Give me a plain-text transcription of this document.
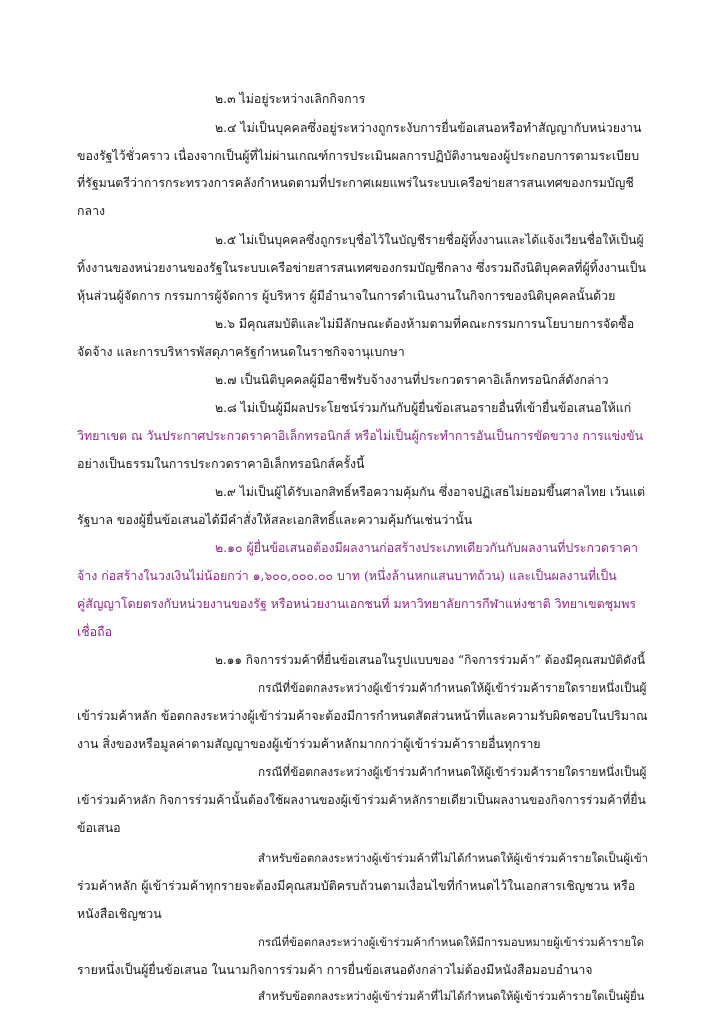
๒.๓ ไม่อยู่ระหว่างเลิกกิจการ
๒.๔ ไม่เป็นบุคคลซึ่งอยู่ระหว่างถูกระงับการยื่นข้อเสนอหรือทำสัญญากับหน่วยงาน
ของรัฐไว้ชั่วคราว เนื่องจากเป็นผู้ที่ไม่ผ่านเกณฑ์การประเมินผลการปฏิบัติงานของผู้ประกอบการตามระเบียบ
ที่รัฐมนตรีว่าการกระทรวงการคลังกำหนดตามที่ประกาศเผยแพร่ในระบบเครือข่ายสารสนเทศของกรมบัญชี
กลาง
๒.๕ ไม่เป็นบุคคลซึ่งถูกระบุชื่อไว้ในบัญชีรายชื่อผู้ทิ้งงานและได้แจ้งเวียนชื่อให้เป็นผู้
ทิ้งงานของหน่วยงานของรัฐในระบบเครือข่ายสารสนเทศของกรมบัญชีกลาง ซึ่งรวมถึงนิติบุคคลที่ผู้ทิ้งงานเป็น
หุ้นส่วนผู้จัดการ กรรมการผู้จัดการ ผู้บริหาร ผู้มีอำนาจในการดำเนินงานในกิจการของนิติบุคคลนั้นด้วย
๒.๖ มีคุณสมบัติและไม่มีลักษณะต้องห้ามตามที่คณะกรรมการนโยบายการจัดซื้อ
จัดจ้าง และการบริหารพัสดุภาครัฐกำหนดในราชกิจจานุเบกษา
๒.๗ เป็นนิติบุคคลผู้มีอาชีพรับจ้างงานที่ประกวดราคาอิเล็กทรอนิกส์ดังกล่าว
๒.๘ ไม่เป็นผู้มีผลประโยชน์ร่วมกันกับผู้ยื่นข้อเสนอรายอื่นที่เข้ายื่นข้อเสนอให้แก่
วิทยาเขต ณ วันประกาศประกวดราคาอิเล็กทรอนิกส์ หรือไม่เป็นผู้กระทำการอันเป็นการขัดขวาง การแข่งขัน
อย่างเป็นธรรมในการประกวดราคาอิเล็กทรอนิกส์ครั้งนี้
๒.๙ ไม่เป็นผู้ได้รับเอกสิทธิ์หรือความคุ้มกัน ซึ่งอาจปฏิเสธไม่ยอมขึ้นศาลไทย เว้นแต่
รัฐบาล ของผู้ยื่นข้อเสนอได้มีคำสั่งให้สละเอกสิทธิ์และความคุ้มกันเช่นว่านั้น
๒.๑๐ ผู้ยื่นข้อเสนอต้องมีผลงานก่อสร้างประเภทเดียวกันกับผลงานที่ประกวดราคา
จ้าง ก่อสร้างในวงเงินไม่น้อยกว่า ๑,๖๐๐,๐๐๐.๐๐ บาท (หนึ่งล้านหกแสนบาทถ้วน) และเป็นผลงานที่เป็น
คู่สัญญาโดยตรงกับหน่วยงานของรัฐ หรือหน่วยงานเอกชนที่ มหาวิทยาลัยการกีฬาแห่งชาติ วิทยาเขตชุมพร
เชื่อถือ
๒.๑๑ กิจการร่วมค้าที่ยื่นข้อเสนอในรูปแบบของ “กิจการร่วมค้า” ต้องมีคุณสมบัติดังนี้
กรณีที่ข้อตกลงระหว่างผู้เข้าร่วมค้ากำหนดให้ผู้เข้าร่วมค้ารายใดรายหนึ่งเป็นผู้
เข้าร่วมค้าหลัก ข้อตกลงระหว่างผู้เข้าร่วมค้าจะต้องมีการกำหนดสัดส่วนหน้าที่และความรับผิดชอบในปริมาณ
งาน สิ่งของหรือมูลค่าตามสัญญาของผู้เข้าร่วมค้าหลักมากกว่าผู้เข้าร่วมค้ารายอื่นทุกราย
กรณีที่ข้อตกลงระหว่างผู้เข้าร่วมค้ากำหนดให้ผู้เข้าร่วมค้ารายใดรายหนึ่งเป็นผู้
เข้าร่วมค้าหลัก กิจการร่วมค้านั้นต้องใช้ผลงานของผู้เข้าร่วมค้าหลักรายเดียวเป็นผลงานของกิจการร่วมค้าที่ยื่น
ข้อเสนอ
สำหรับข้อตกลงระหว่างผู้เข้าร่วมค้าที่ไม่ได้กำหนดให้ผู้เข้าร่วมค้ารายใดเป็นผู้เข้า
ร่วมค้าหลัก ผู้เข้าร่วมค้าทุกรายจะต้องมีคุณสมบัติครบถ้วนตามเงื่อนไขที่กำหนดไว้ในเอกสารเชิญชวน หรือ
หนังสือเชิญชวน
กรณีที่ข้อตกลงระหว่างผู้เข้าร่วมค้ากำหนดให้มีการมอบหมายผู้เข้าร่วมค้ารายใด
รายหนึ่งเป็นผู้ยื่นข้อเสนอ ในนามกิจการร่วมค้า การยื่นข้อเสนอดังกล่าวไม่ต้องมีหนังสือมอบอำนาจ
สำหรับข้อตกลงระหว่างผู้เข้าร่วมค้าที่ไม่ได้กำหนดให้ผู้เข้าร่วมค้ารายใดเป็นผู้ยื่น
